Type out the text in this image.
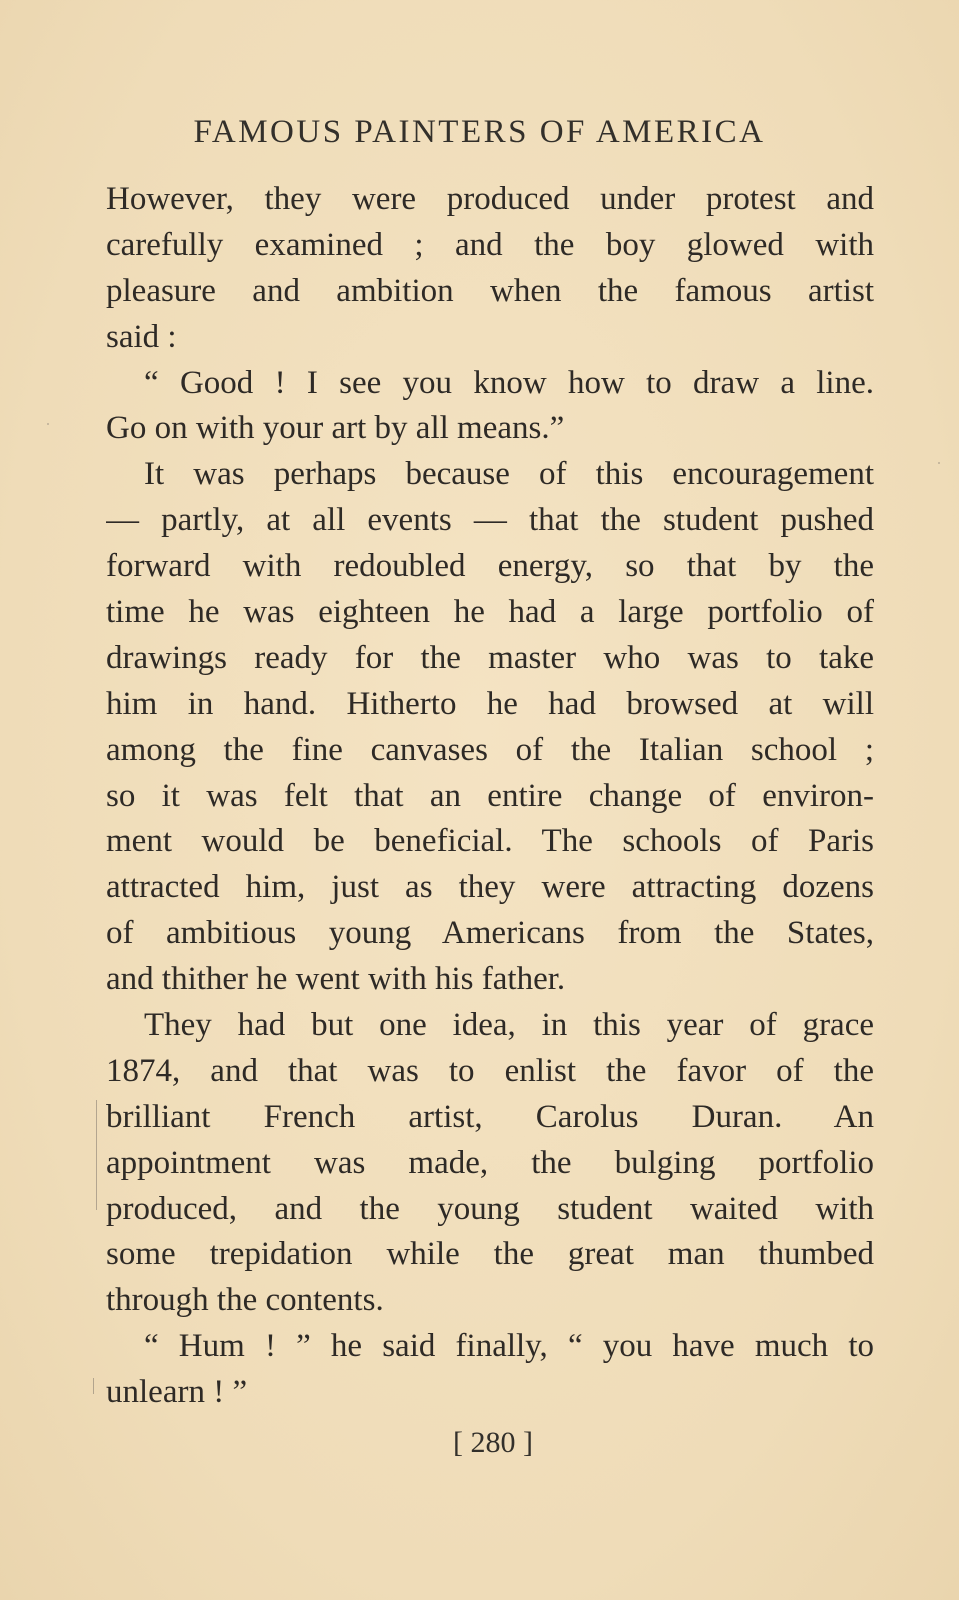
FAMOUS PAINTERS OF AMERICA
However, they were produced under protest and
carefully examined ; and the boy glowed with
pleasure and ambition when the famous artist
said :
“ Good ! I see you know how to draw a line.
Go on with your art by all means.”
It was perhaps because of this encouragement
— partly, at all events — that the student pushed
forward with redoubled energy, so that by the
time he was eighteen he had a large portfolio of
drawings ready for the master who was to take
him in hand. Hitherto he had browsed at will
among the fine canvases of the Italian school ;
so it was felt that an entire change of environ-
ment would be beneficial. The schools of Paris
attracted him, just as they were attracting dozens
of ambitious young Americans from the States,
and thither he went with his father.
They had but one idea, in this year of grace
1874, and that was to enlist the favor of the
brilliant French artist, Carolus Duran. An
appointment was made, the bulging portfolio
produced, and the young student waited with
some trepidation while the great man thumbed
through the contents.
“ Hum ! ” he said finally, “ you have much to
unlearn ! ”
[ 280 ]
